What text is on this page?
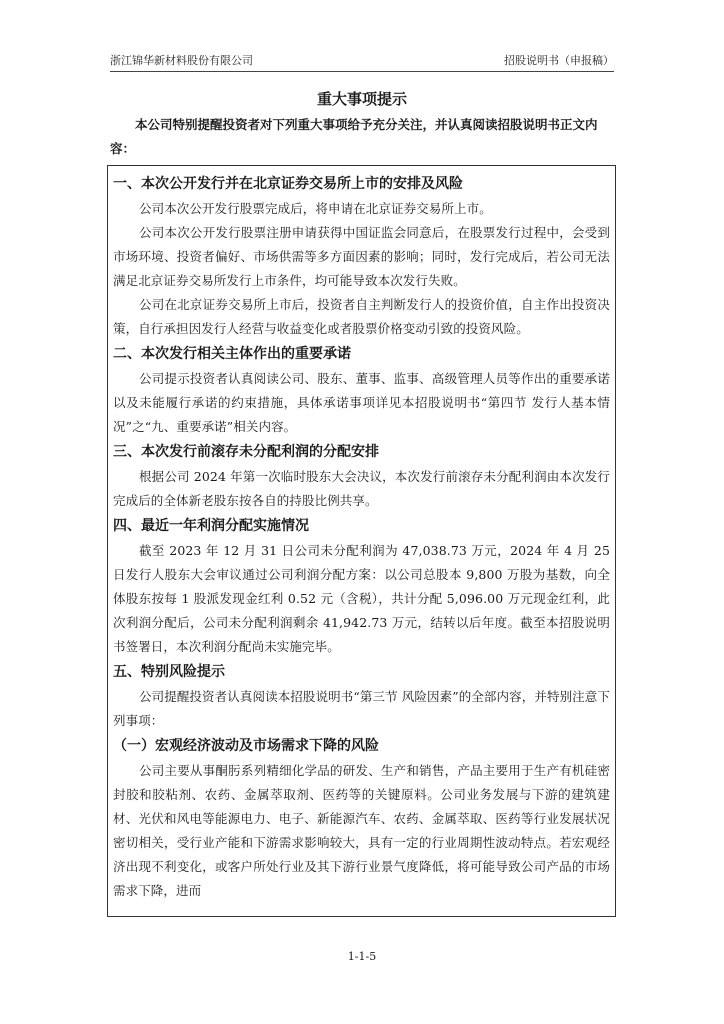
浙江锦华新材料股份有限公司	招股说明书（申报稿）
重大事项提示
本公司特别提醒投资者对下列重大事项给予充分关注，并认真阅读招股说明书正文内容：
一、本次公开发行并在北京证券交易所上市的安排及风险

公司本次公开发行股票完成后，将申请在北京证券交易所上市。

公司本次公开发行股票注册申请获得中国证监会同意后，在股票发行过程中，会受到市场环境、投资者偏好、市场供需等多方面因素的影响；同时，发行完成后，若公司无法满足北京证券交易所发行上市条件，均可能导致本次发行失败。

公司在北京证券交易所上市后，投资者自主判断发行人的投资价值，自主作出投资决策，自行承担因发行人经营与收益变化或者股票价格变动引致的投资风险。

二、本次发行相关主体作出的重要承诺

公司提示投资者认真阅读公司、股东、董事、监事、高级管理人员等作出的重要承诺以及未能履行承诺的约束措施，具体承诺事项详见本招股说明书“第四节 发行人基本情况”之“九、重要承诺”相关内容。

三、本次发行前滚存未分配利润的分配安排

根据公司 2024 年第一次临时股东大会决议，本次发行前滚存未分配利润由本次发行完成后的全体新老股东按各自的持股比例共享。

四、最近一年利润分配实施情况

截至 2023 年 12 月 31 日公司未分配利润为 47,038.73 万元，2024 年 4 月 25 日发行人股东大会审议通过公司利润分配方案：以公司总股本 9,800 万股为基数，向全体股东按每 1 股派发现金红利 0.52 元（含税），共计分配 5,096.00 万元现金红利，此次利润分配后，公司未分配利润剩余 41,942.73 万元，结转以后年度。截至本招股说明书签署日，本次利润分配尚未实施完毕。

五、特别风险提示

公司提醒投资者认真阅读本招股说明书“第三节 风险因素”的全部内容，并特别注意下列事项：

（一）宏观经济波动及市场需求下降的风险

公司主要从事酮肟系列精细化学品的研发、生产和销售，产品主要用于生产有机硅密封胶和胶粘剂、农药、金属萃取剂、医药等的关键原料。公司业务发展与下游的建筑建材、光伏和风电等能源电力、电子、新能源汽车、农药、金属萃取、医药等行业发展状况密切相关，受行业产能和下游需求影响较大，具有一定的行业周期性波动特点。若宏观经济出现不利变化，或客户所处行业及其下游行业景气度降低，将可能导致公司产品的市场需求下降，进而

1-1-5
